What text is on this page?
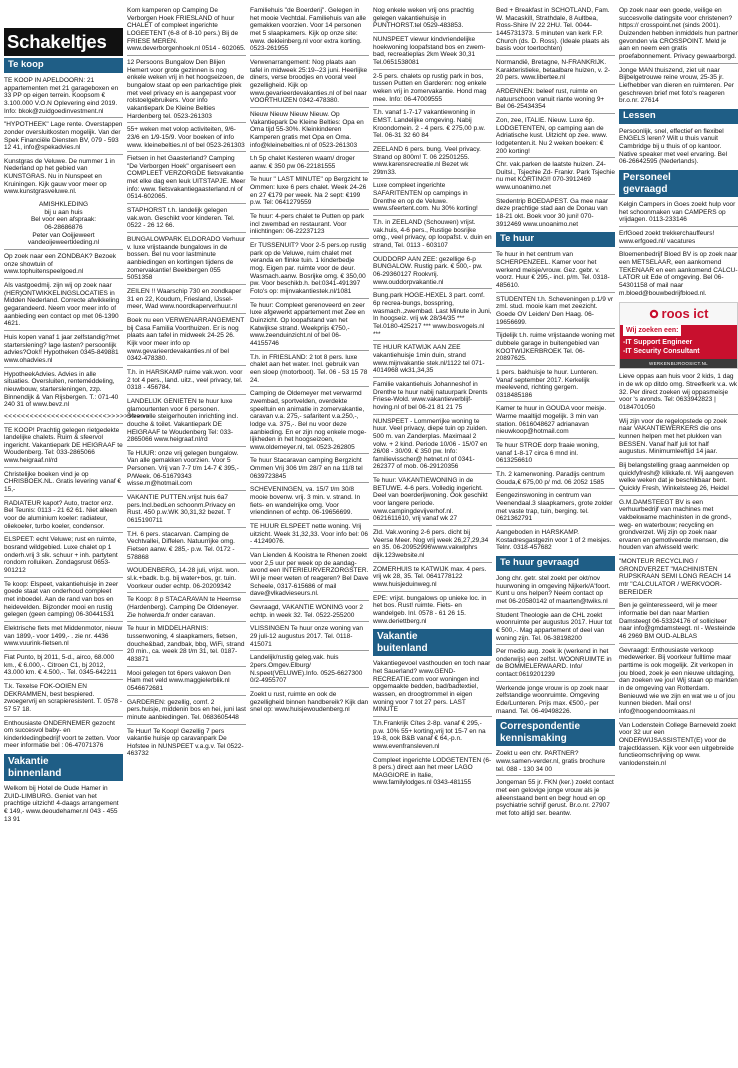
Schakeltjes
Te koop
TE KOOP IN APELDOORN: 21 appartementen met 21 garageboxen en 33 PP op eigen terrein. Koopsom € 3.100.000 V.O.N Oplevering eind 2019. Info: bkok@zuidgoedinvestment.nl
"HYPOTHEEK" Lage rente. Overstappen zonder oversluitkosten mogelijk. Van der Spek Financiële Diensten BV, 079 - 593 12 41, info@spekadvies.nl
Kunstgras de Veluwe. De nummer 1 in Nederland op het gebied van KUNSTGRAS. Nu in Nunspeet en Kruiningen. Kijk gauw voor meer op www.kunstgrasveluwe.nl.
AMISHKLEDING
bij u aan huis
Bel voor een afspraak:
06-28686876
Peter van Ooijjeweert
vandeoijeweertkleding.nl
Op zoek naar een ZONDBAK? Bezoek onze showtuin of www.tophuitenspeelgoed.nl
Als vastgoedmij. zijn wij op zoek naar (HER)ONTWIKKELINGSLOCATIES in Midden Nederland. Correcte afwikkeling gegarandeerd. Neem voor meer info of aanbieding een contact op met 06-1390 4621.
Huis kopen vanaf 1 jaar zelfstandig?met starterslening? lage lasten? persoonlijk advies?Ook!! Hypotheken 0345-849881 www.ohadvies.nl
HypotheekAdvies. Advies in alle situaties. Oversluiten, renteméddeling, nieuwbouw, startersleningen, zzp. Binnendijk & Van Rijsbergen. T.: 071-40 240 31 of www.bevz.nl
<<<<<<<<<<<<<<<<<<<<<<<<>>>>>>>>>>
TE KOOP! Prachtig gelegen rietgedekte landelijke chalets. Ruim & sfeervol ingericht. Vakantiepark DE HEIGRAAF te Woudenberg. Tel: 033-2865066 www.heigraaf.nl/rd
Christelijke boeken vind je op CHRISBOEK.NL. Gratis levering vanaf € 15,-
RADIATEUR kapot? Auto, tractor enz. Bel Teunis: 0113 - 21 62 61. Niet alleen voor de aluminium koeler: radiateur, oliekoeler, turbo koeler, condensor.
ELSPEET: echt Veluwe; rust en ruimte, bosrand wildgebied. Luxe chalet op 1 onderh.vrij 3 slk. schuur + inh. partytent rondom rolluiken. Zondagsrust 0653-901212
Te koop: Elspeet, vakantiehuisje in zeer goede staat van onderhoud compleet met inboedel. Aan de rand van bos en heidevelden. Bijzonder mooi en rustig gelegen (geen camping) 06-30441531
Elektrische fiets met Middenmotor, nieuw van 1899,- voor 1499,- . zie nr. 4436 www.vuurink-fietsen.nl
Fiat Punto, bj 2011, 5-d., airco, 68.000 km., € 6.000,-. Citroen C1, bj 2012, 43.000 km. € 4.500,-. Tel. 0345-642211
T.k. Texelse FOK-OOIEN EN DEKRAMMEN, best bespiered. zwoegervrij en scrapieresistent. T. 0578 - 57 57 18.
Enthousiaste ONDERNEMER gezocht om succesvol baby- en kinderkledingbedrijf voort te zetten. Voor meer informatie bel : 06-47071376
Vakantie
binnenland
Welkom bij Hotel de Oude Hamer in ZUID-LIMBURG. Geniet van het prachtige uitzicht! 4-daags arrangement € 149,- www.deoudehamer.nl 043 - 455 13 91
Kom kamperen op Camping De Verborgen Hoek FRIESLAND of huur CHALET of compleet ingerichte LOGEETENT (6-8 of 8-10 pers.) Bij de FRIESE MEREN. www.deverborgenhoek.nl 0514 - 602065.
12 Persoons Bungalow Den Blijen Hemert voor grote gezinnen is nog enkele weken vrij in het hoogseizoen, de bungalow staat op een parkachtige plek met veel privacy en is aangepast voor rolstoelgebruikers. Voor info vakantiepark De Kleine Belties Hardenberg tel. 0523-261303
55+ weken met volop activiteiten, 9/6-23/6 en 1/9-15/9. Voor boeken of info www. kleinebelties.nl of bel 0523-261303
Fietsen in het Gaasterland? Camping "De Verborgen Hoek" organiseert een COMPLEET VERZORGDE fietsvakantie met elke dag een leuk UITSTAPJE. Meer info: www. fietsvakantiegaasterland.nl of 0514-602065.
STAPHORST t.h. landelijk gelegen vak.won. Geschikt voor kinderen. Tel. 0522 - 26 12 66.
BUNGALOWPARK ELDORADO Verhuur v. luxe vrijstaande bungalows in de bossen. Bel nu voor lastminute aanbiedingen en kortingen tijdens de zomervakantie! Beekbergen 055 5051358
ZEILEN !! Waarschip 730 en zondkaper 31 en 22, Koudum, Friesland, IJsselmeer, Wad www.noordkaperverhuur.nl
Boek nu een VERWENARRANGEMENT bij Casa Familia Voorthuizen. Er is nog plaats aan tafel in midweek 24-25 26. Kijk voor meer info op www.gevarieerdevakanties.nl of bel 0342-478380.
T.h. in HARSKAMP ruime vak.won. voor 2 tot 4 pers., land. uitz., veel privacy, tel. 0318 - 456784.
LANDELIJK GENIETEN te huur luxe glamourtenten voor 6 personen. Sfeervolle steigerhouten inrichting incl. douche & toilet. Vakantiepark DE HEIGRAAF te Woudenberg Tel: 033-2865066 www.heigraaf.nl/rd
Te HUUR: onze vrij gelegen bungalow. Van alle gemakken voorzien. Voor 5 Personen. Vrij van 7-7 t/m 14-7 € 395,- P/Week. 06-51679343 wisse.m@hotmail.com
VAKANTIE PUTTEN.vrijst huis 6a7 pers.Incl.bedLen schoonm.Privacy en Rust. 450 p.w.WK 30,31,32 bezet. T 0615190711
T.H. 6 pers. stacarvan. Camping de Vechtvallei, Diffelen. Natuurrijke omg. Fietsen aanw. € 285,- p.w. Tel. 0172 - 578868
WOUDENBERG, 14-28 juli, vrijst. won. sl.k.+badk. b.g. bij water+bos, gr. tuin. Voorkeur ouder echtp. 06-20209342
Te Koop: 8 p STACARAVAN te Heemse (Hardenberg). Camping De Oldeneyer. Zie holwerda.fr onder caravan.
Te huur in MIDDELHARNIS: tussenwoning, 4 slaapkamers, fietsen, douche&bad, zandbak, bbq, WiFi, strand 20 min., ca. week 28 t/m 31, tel. 0187-483871
Mooi gelegen tot 6pers vakwon Den Ham met veld www.maggielerblik.nl 0546672681
GARDEREN: gezellig, comf. 2 pers.huisje, middenin bos en hei, juni last minute aanbiedingen. Tel. 0683605448
Te Huur! Te Koop! Gezellig 7 pers vakantie huisje op caravanpark De Hofstee in NUNSPEET v.a.g.v. Tel 0522-463732
Familiehuis "de Boerderij". Gelegen in het mooie Vechtdal. Familiehuis van alle gemakken voorzien. Voor 14 personen met 5 slaapkamers. Kijk op onze site: www. dekleinberg.nl voor extra korting. 0523-261955
Verwenarrangement: Nog plaats aan tafel in midweek 25:19--23 juni. Heerlijke diners, verse broodjes en vooral veel gezelligheid. Kijk op www.gevarieerdevakanties.nl of bel naar VOORTHUIZEN 0342-478380.
Nieuw Nieuw Nieuw Nieuw. Op Vakantiepark De Kleine Belties: Opa en Oma tijd 55-30%. Kleinkinderen Kamperen gratis met Opa en Oma. info@kleinebelties.nl of 0523-261303
t.h 5p chalet Kesteren waam/ droger aanw. € 350 pw 06-22181555
Te huur " LAST MINUTE" op Bergzicht te Ommen: luxe 6 pers chalet. Week 24-26 en 27 €179 per week. Na 2 sept: €199 p.w. Tel: 0641279559
Te huur: 4-pers chalet te Putten op park incl zwembad en restaurant. Voor inlichtingen: 06-22237123
Er TUSSENUIT? Voor 2-5 pers.op rustig park op de Veluwe, ruim chalet met veranda en flinke tuin. 1 kinderbedje mog. Eigen par. ruimte voor de deur. Wasmach.aanw. Bosrijke omg. € 350,00 pw. Voor beschikb.h. bel:0341-491397 Foto's op: mijnvakantiestek.nl/1081
Te huur: Compleet gerenoveerd en zeer luxe afgewerkt appartement met Zee en Duinzicht. Op loopafstand van het Katwijkse strand. Weekprijs €750,- www.zeenduinzicht.nl of bel 06-44155746
T.h. in FRIESLAND: 2 tot 8 pers. luxe chalet aan het water. Incl. gebruik van een sloep (motorboot). Tel. 06 - 53 15 78 24.
Camping de Oldemeyer met verwarmd zwembad, sportvelden, overdekte speeltuin en animatie in zomervakantie, caravan v.a. 275,- safaritent v.a.250,-, lodge v.a. 375,-. Bel nu voor deze aanbieding. En er zijn nog enkele mogelijkheden in het hoogseizoen, www.oldemeyer.nl, tel. 0523-262805
Te huur Stacaravan camping Bergzicht Ommen Vrij 306 t/m 28/7 en na 11/8 tel 0639723845
SCHEVENINGEN, va. 15/7 t/m 30/8 mooie bovenw. vrij. 3 min. v. strand. In fiets- en wandelrijke omg. Voor vriendinnen of echtp. 06-19656699.
TE HUUR ELSPEET nette woning. Vrij uitzicht. Week 31,32,33. Voor info bel: 06 - 41249076.
Van Lienden & Kooistra te Rhenen zoekt voor 2,5 uur per week op de aandagavond een INTERIEURVERZORGSTER. Wil je meer weten of reageren? Bel Dave Scheele, 0317-615686 of mail dave@vlkadvieseurs.nl.
Gevraagd, VAKANTIE WONING voor 2 echtp. in week 32. Tel. 0522-255200
VLISSINGEN Te huur onze woning van 29 juli-12 augustus 2017. Tel. 0118-415071
Landelijk/rustig geleg.vak. huis 2pers.Omgev.Elburg/ N.speet(VELUWE).Info. 0525-6627300 0/2-4955707
Zoekt u rust, ruimte en ook de gezelligheid binnen handbereik? Kijk dan snel op: www.huisjewoudenberg.nl
Nog enkele weken vrij ons prachtig gelegen vakantiehuisje in PUNTHORST.tel 0529-483853.
NUNSPEET viewur kindvriendelijke hoekwoning loopafstand bos en zwembad, recreatieplas 2km Week 30,31 Tel.0651538081
2-5 pers. chalets op rustig park in bos, tussen Putten en Garderen: nog enkele weken vrij in zomervakantie. Hond mag mee. Info: 06-47009555
T.h. vanaf 1-7-17 vakantiewoning in EMST. Landelijke omgeving. Nabij Kroondomein. 2 - 4 pers. € 275,00 p.w. Tel. 06-31 32 60 84
ZEELAND 6 pers. bung. Veel privacy. Strand op 800m! T. 06 22501255. www.karensrecreatie.nl Bezet wk 29tm33.
Luxe compleet ingerichte SAFARITENTEN op campings in Drenthe en op de Veluwe. www.sfeertent.com. Nu 30% korting!
T.h. in ZEELAND (Schouwen) vrijst. vak.huis, 4-6 pers., Rustige bosrijke omg., veel privacy, op loopafst. v. duin en strand, Tel. 0113 - 603107
OUDDORP AAN ZEE: gezellige 6-p BUNGALOW. Rustig park. € 500,- pw. 06-29360127 Rookvrij. www.ouddorpvakantie.nl
Bung.park HOGE-HEXEL 3 part. comf. 6p recrea-bungs, bosspring, wasmach.,zwembad. Last Minute in Juni, In hoogseiz. vrij wk 28/34/35 *** Tel.0180-425217 *** www.bosvogels.nl ***
TE HUUR KATWIJK AAN ZEE vakantiehuisje 1min duin, strand www.mijnvakantie stek.nl/1122 tel 071-4014968 wk31,34,35
Familie vakantiehuis Johanneshof in Drenthe te huur nabij natuurpark Drents Friese-Wold. www.vakantieverblijf-hoving.nl of bel 06-21 81 21 75
NUNSPEET - Lommerrijke woning te huur. Veel privacy, diepe tuin op zuiden. 500 m. van Zanderplas. Maximaal 2 volw. + 2 kind. Periode 10/06 - 15/07 en 26/08 - 30/09. € 350 pw. Info: familievisscher@ hetnet.nl of 0341-262377 of mob. 06-29120356
Te huur: VAKANTIEWONING in de BETUWE. 4-6 pers. Volledig ingericht. Deel van boerderijwoning. Ook geschikt voor langere periode. www.campingdevijverhof.nl. 0621611610, vrij vanaf wk 27
Zld. Vak.woning 2-6 pers. dicht bij Veerse Meer. Nog vrij week 26,27,29,34 en 35. 06-20952996\www.vakwlphrs dijk.123website.nl
ZOMERHUIS te KATWIJK max. 4 pers. vrij wk 28, 35. Tel. 0641778122 www.huisjeduinweg.nl
EPE: vrijst. bungalows op unieke loc. in het bos. Rust! ruimte. Fiets- en wandelgeb. Inl. 0578 - 61 26 15. www.deriettberg.nl
Vakantie
buitenland
Vakantiegevoel vasthouden en toch naar het Sauerland? www.GEND-RECREATIE.com voor woningen incl opgemaakte bedden, bad/badtextiel, wassen, en droogtrommel in eigen woning voor 7 tot 27 pers. LAST MINUTE
T.h.Frankrijk Cítes 2-8p. vanaf € 295,-p.w. 10% 55+ korting,vrij tot 15-7 en na 19-8, ook B&B vanaf € 64,-p.n. www.evenfransleven.nl
Compleet ingerichte LODGETENTEN (6-8 pers.) direct aan het meer LAGO MAGGIORE in Italie, www.familylodges.nl 0343-481155
Bed + Breakfast in SCHOTLAND, Fam. W. Macaskill, Strathdale, 8 Aultbea, Ross-Shire IV 22 2HU. Tel. 0044-1445731373. 5 minuten van kerk F.P. Church (ds. D. Ross). (Ideale plaats als basis voor toertochten)
Normandië, Bretagne, N-FRANKRIJK. Karakteristieke, betaalbare huizen, v. 2-20 pers. www.libertee.nl
ARDENNEN: beleef rust, ruimte en natuurschoon vanuit riante woning 9+ Bel 06-25434354
Zon, zee, ITALIE. Nieuw. Luxe 6p. LODGETENTEN, op camping aan de Adriatische kust. Uitzicht op zee. www. lodgetenten.it. Nu 2 weken boeken: € 200 korting!
Chr. vak.parken de laatste huizen. Z4-Duitsl., Tsjechie Zd- Frankr. Park Tsjechie nu met KORTING!! 070-3912469 www.unoanimo.net
Stedentrip BOEDAPEST. Ga mee naar deze prachtige stad aan de Donau van 18-21 okt. Boek voor 30 juni! 070-3912469 www.unoanimo.net
Te huur
Te huur in het centrum van SCHERPENZEEL. Kamer voor het werkend meisje/vrouw. Gez. gebr. v. voorz. Huur € 295,- incl. p/m. Tel. 0318-485610.
STUDENTEN t.h. Scheveningen p.1/9 vr zml. stud. mooie kam met zeezicht. Goede OV Leiden/ Den Haag. 06-19656699.
Tijdelijk t.h. ruime vrijstaande woning met dubbele garage in buitengebied van KOOTWIJKERBROEK Tel. 06-20897625.
1 pers. bakhuisje te huur. Lunteren. Vanaf september 2017. Kerkelijk meelevend, richting gergem. 0318485186
Kamer te huur in GOUDA voor meisje. Warme maaltijd mogelijk. 3 min van station. 0616048627 adrianavan nieuwkoop@hotmail.com
Te huur STROE dorp fraaie woning, vanaf 1-8-17 circa 6 mnd inl. 0613256610
T.h. 2 kamerwoning. Paradijs centrum Gouda,€ 675,00 p/ md. 06 2052 1585
Eengezinswoning in centrum van Veenendaal.3 slaapkamers, grote zolder met vaste trap, tuin, berging. tel. 0621362791
Aangeboden in HARSKAMP. Kostadresgastgezin voor 1 of 2 meisjes. Telnr. 0318-457682
Te huur gevraagd
Jong chr. getr. stel zoekt per okt/nov huurwoning in omgeving Nijkerk/A'foort. Kunt u ons helpen? Neem contact op met 06-20580142 of maarten@twiks.nl
Student Theologie aan de CHL zoekt woonruimte per augustus 2017. Huur tot € 500,-. Mag appartement of deel van woning zijn. Tel. 06-38198200
Per medio aug. zoek ik (werkend in het onderwijs) een zelfst. WOONRUIMTE in de BOMMELERWAARD. Info/ contact:0619201239
Werkende jonge vrouw is op zoek naar zelfstandige woonruimte. Omgeving Ede/Lunteren. Prijs max. €500,- per maand. Tel. 06-49498226.
Correspondentie
kennismaking
Zoekt u een chr. PARTNER? www.samen-verder.nl, gratis brochure tel. 088 - 130 34 00
Jongeman 55 jr. FKN (ker.) zoekt contact met een gelovige jonge vrouw als je alleenstaand bent en begr houd en op psychiatrie schrijf gerust. Br.o.nr. 27907 met foto altijd ser. beantw.
Op zoek naar een goede, veilige en succesvolle datingsite voor christenen? https:// crosspoint.net (sinds 2001). Duizenden hebben inmiddels hun partner gevonden via CROSSPOINT. Meld je aan en neem een gratis proefabonnement. Privacy gewaarborgd.
Jonge MAN thuiszend, ziet uit naar Bijbelgetrouwe reine vrouw, 25-35 jr. Liefhebber van dieren en ruimteren. Per geschreven brief met foto's reageren br.o.nr. 27614
Lessen
Persoonlijk, snel, effectief en flexibel ENGELS leren? Wilt u thuis vanuit Cambridge bij u thuis of op kantoor. Native speaker met veel ervaring. Bel 06-26642595 (Nederlands).
Personeel
gevraagd
Kelgin Campers in Goes zoekt hulp voor het schoonmaken van CAMPERS op vrijdagen. 0113-233146
ErfGoed zoekt trekkerchauffeurs! www.erfgoed.nl/ vacatures
Bloemenbedrijf Bloed BV is op zoek naar een METSELAAR, een aankomend TEKENAAR en een aankomend CALCULATOR uit Ede of omgeving. Bel 06-54301158 of mail naar m.bloed@bouwbedrijfbloed.nl.
roos ict
Wij zoeken een:
-IT Support Engineer
-IT Security Consultant
WERKENBIJROOSICT.NL
Lieve oppas aan huis voor 2 kids, 1 dag in de wk op ditdo omg. Streefkerk v.a. wk 32. Per direct zoeken wij oppasmeisje voor 's avonds. Tel: 0633942823 | 0184701050
Wij zijn voor de regelopstede op zoek naar VAKANTIEWERKERS die ons kunnen helpen met het plukken van BESSEN. Vanaf half juli tot half augustus. Minimumleeftijd 14 jaar.
Bij belangstelling graag aanmelden op quickfyfresh@ klikkafe.nl. Wij aangeven welke weken dat je beschikbaar bent. Quickly Fresh, Winkelsteeg 26, Heidel
G.M.DAMSTEEGT BV is een verhuurbedrijf van machines met vakbekwame machinisten in de grond-, weg- en waterbouw; recycling en grondverzet. Wij zijn op zoek naar ervaren en gemotiveerde mensen, die houden van afwisseld werk:
"MONTEUR RECYCLING / GRONDVERZET "MACHINISTEN RUPSKRAAN SEMI LONG REACH 14 mtr "CALCULATOR / WERKVOORBEREIDER
Ben je geïnteresseerd, wil je meer informatie bel dan naar Martien Damsteegt 06-53324176 of solliciteer naar info@gmdamsteegt. nl - Westeinde 46 2969 BM OUD-ALBLAS
Gevraagd: Enthousiaste verkoop medewerker. Bij voorkeur fulltime maar parttime is ook mogelijk. Zit verkopen in jou bloed, zoek je een nieuwe uitdaging, dan zoeken we jou! Wij staan op markten in de omgeving van Rotterdam. Benieuwd wie we zijn en wat we u of jou kunnen bieden. Mail ons! info@hoogendoornkaas.nl
Van Lodenstein College Barneveld zoekt voor 32 uur een ONDERWIJSASSISTENT(E) voor de trajectklassen. Kijk voor een uitgebreide functieomschrijving op www. vanlodenstein.nl
